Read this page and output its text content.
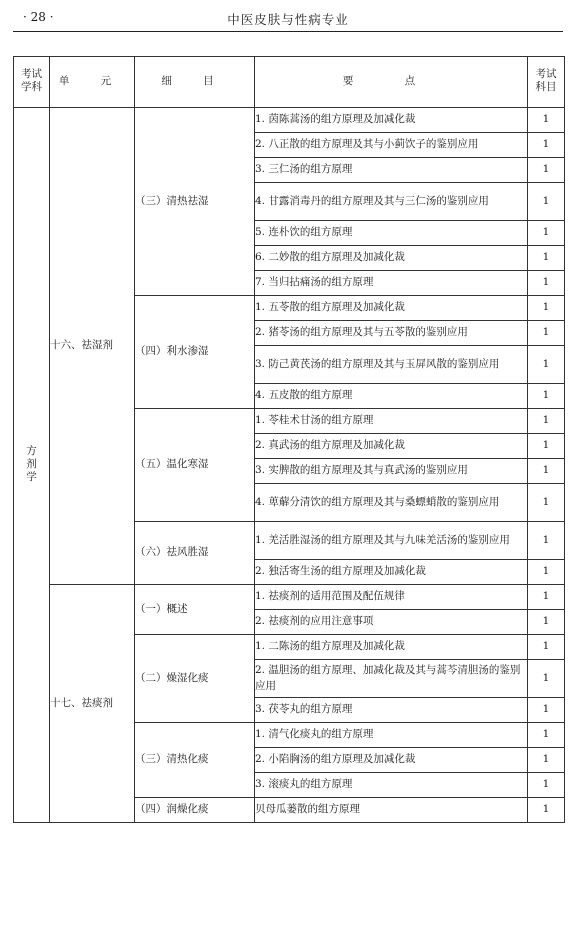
· 28 ·	中医皮肤与性病专业
考试学科	单 元	细 目	要 点	考试科目
方剂学	十六、祛湿剂	（三）清热祛湿	1. 茵陈蒿汤的组方原理及加减化裁	1
			2. 八正散的组方原理及其与小蓟饮子的鉴别应用	1
			3. 三仁汤的组方原理	1
			4. 甘露消毒丹的组方原理及其与三仁汤的鉴别应用	1
			5. 连朴饮的组方原理	1
			6. 二妙散的组方原理及加减化裁	1
			7. 当归拈痛汤的组方原理	1
		（四）利水渗湿	1. 五苓散的组方原理及加减化裁	1
			2. 猪苓汤的组方原理及其与五苓散的鉴别应用	1
			3. 防己黄芪汤的组方原理及其与玉屏风散的鉴别应用	1
			4. 五皮散的组方原理	1
		（五）温化寒湿	1. 苓桂术甘汤的组方原理	1
			2. 真武汤的组方原理及加减化裁	1
			3. 实脾散的组方原理及其与真武汤的鉴别应用	1
			4. 萆薢分清饮的组方原理及其与桑螵蛸散的鉴别应用	1
		（六）祛风胜湿	1. 羌活胜湿汤的组方原理及其与九味羌活汤的鉴别应用	1
			2. 独活寄生汤的组方原理及加减化裁	1
	十七、祛痰剂	（一）概述	1. 祛痰剂的适用范围及配伍规律	1
			2. 祛痰剂的应用注意事项	1
		（二）燥湿化痰	1. 二陈汤的组方原理及加减化裁	1
			2. 温胆汤的组方原理、加减化裁及其与蒿芩清胆汤的鉴别应用	1
			3. 茯苓丸的组方原理	1
		（三）清热化痰	1. 清气化痰丸的组方原理	1
			2. 小陷胸汤的组方原理及加减化裁	1
			3. 滚痰丸的组方原理	1
		（四）润燥化痰	贝母瓜蒌散的组方原理	1
